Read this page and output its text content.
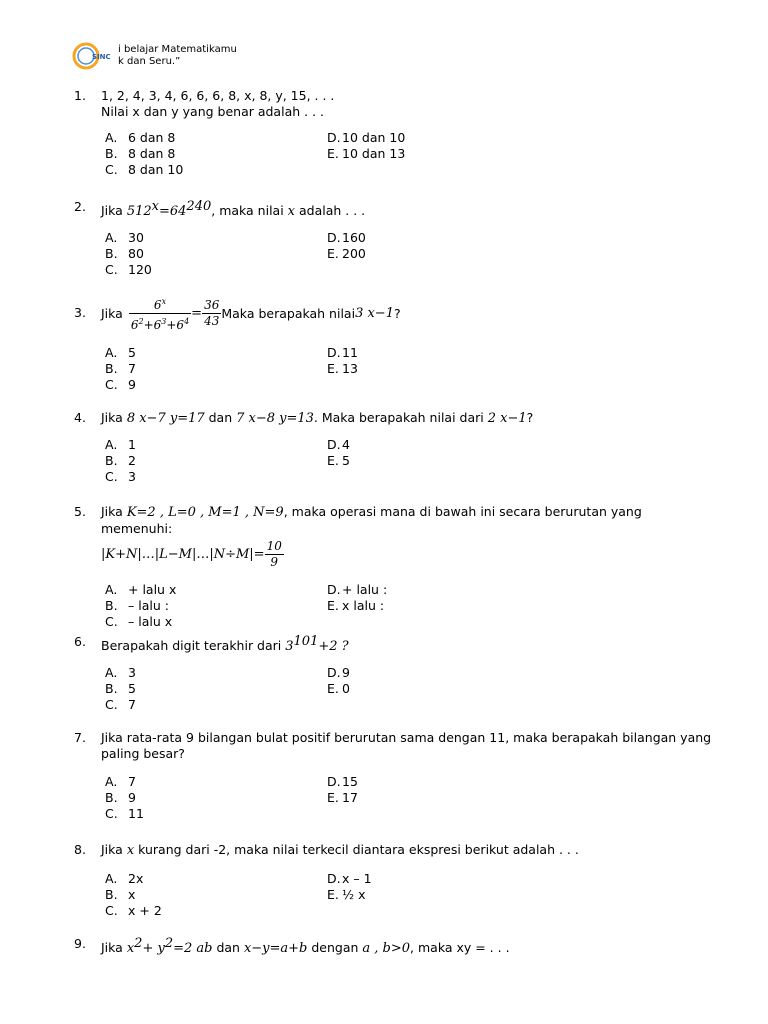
SINC
i belajar Matematikamu
k dan Seru.”
1. 1, 2, 4, 3, 4, 6, 6, 6, 8, x, 8, y, 15, . . .
Nilai x dan y yang benar adalah . . .
A. 6 dan 8
B. 8 dan 8
C. 8 dan 10
D.10 dan 10
E. 10 dan 13
2. Jika $512^x=64^{240}$, maka nilai x adalah . . .
A. 30
B. 80
C. 120
D.160
E. 200
3. Jika $\frac{6^x}{6^2+6^3+6^4} = \frac{36}{43}$ Maka berapakah nilai 3 x−1 ?
A. 5
B. 7
C. 9
D.11
E. 13
4. Jika 8 x−7 y=17 dan 7 x−8 y=13. Maka berapakah nilai dari 2 x−1?
A. 1
B. 2
C. 3
D.4
E. 5
5. Jika K=2 , L=0 , M=1 , N=9, maka operasi mana di bawah ini secara berurutan yang memenuhi:
|K+N|…|L−M|…|N÷M|= $\frac{10}{9}$
A. + lalu x
B. – lalu :
C. – lalu x
D.+ lalu :
E. x lalu :
6. Berapakah digit terakhir dari $3^{101}+2$ ?
A. 3
B. 5
C. 7
D.9
E. 0
7. Jika rata-rata 9 bilangan bulat positif berurutan sama dengan 11, maka berapakah bilangan yang
paling besar?
A. 7
B. 9
C. 11
D.15
E. 17
8. Jika x kurang dari -2, maka nilai terkecil diantara ekspresi berikut adalah . . .
A. 2x
B. x
C. x + 2
D.x – 1
E. ½ x
9. Jika $x^2+ y^2=2$ ab dan x−y=a+b dengan a , b>0, maka xy = . . .
